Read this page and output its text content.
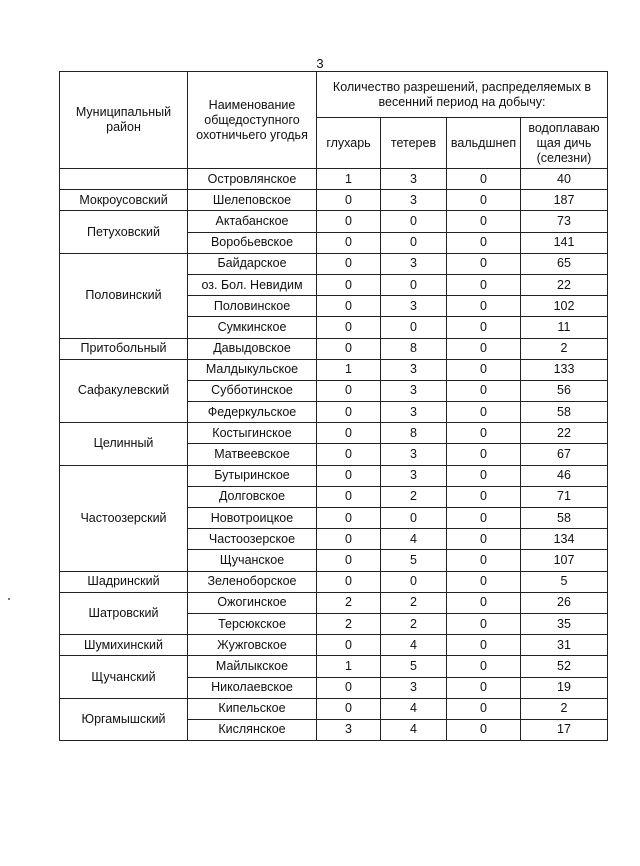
3
Муниципальный район	Наименование общедоступного охотничьего угодья	Количество разрешений, распределяемых в весенний период на добычу:			
		глухарь	тетерев	вальдшнеп	водоплаваю щая дичь (селезни)
	Островлянское	1	3	0	40
Мокроусовский	Шелеповское	0	3	0	187
Петуховский	Актабанское	0	0	0	73
	Воробьевское	0	0	0	141
Половинский	Байдарское	0	3	0	65
	оз. Бол. Невидим	0	0	0	22
	Половинское	0	3	0	102
	Сумкинское	0	0	0	11
Притобольный	Давыдовское	0	8	0	2
Сафакулевский	Малдыкульское	1	3	0	133
	Субботинское	0	3	0	56
	Федеркульское	0	3	0	58
Целинный	Костыгинское	0	8	0	22
	Матвеевское	0	3	0	67
Частоозерский	Бутыринское	0	3	0	46
	Долговское	0	2	0	71
	Новотроицкое	0	0	0	58
	Частоозерское	0	4	0	134
	Щучанское	0	5	0	107
Шадринский	Зеленоборское	0	0	0	5
Шатровский	Ожогинское	2	2	0	26
	Терсюкское	2	2	0	35
Шумихинский	Жужговское	0	4	0	31
Щучанский	Майлыкское	1	5	0	52
	Николаевское	0	3	0	19
Юргамышский	Кипельское	0	4	0	2
	Кислянское	3	4	0	17
